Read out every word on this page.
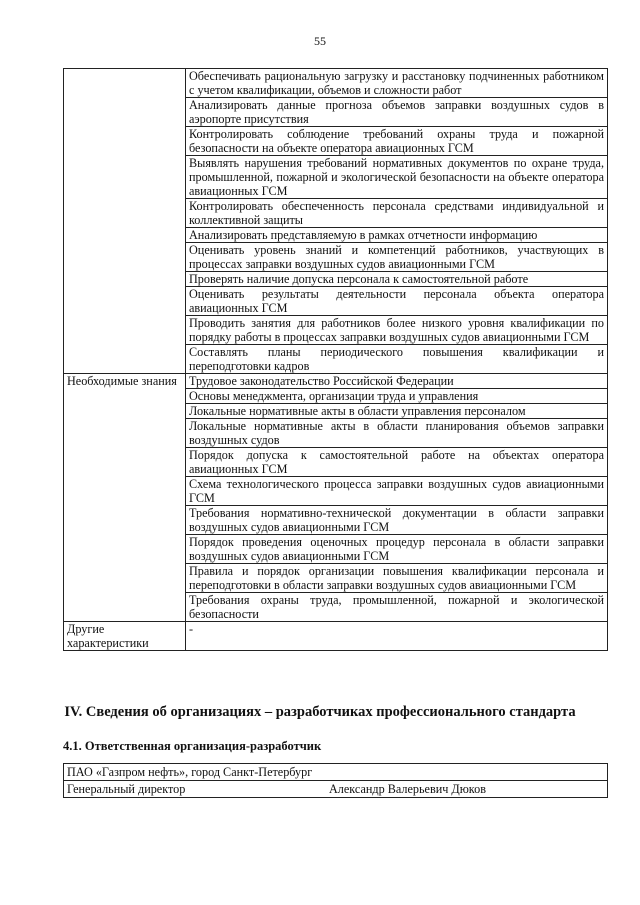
55
	Обеспечивать рациональную загрузку и расстановку подчиненных работником с учетом квалификации, объемов и сложности работ
	Анализировать данные прогноза объемов заправки воздушных судов в аэропорте присутствия
	Контролировать соблюдение требований охраны труда и пожарной безопасности на объекте оператора авиационных ГСМ
	Выявлять нарушения требований нормативных документов по охране труда, промышленной, пожарной и экологической безопасности на объекте оператора авиационных ГСМ
	Контролировать обеспеченность персонала средствами индивидуальной и коллективной защиты
	Анализировать представляемую в рамках отчетности информацию
	Оценивать уровень знаний и компетенций работников, участвующих в процессах заправки воздушных судов авиационными ГСМ
	Проверять наличие допуска персонала к самостоятельной работе
	Оценивать результаты деятельности персонала объекта оператора авиационных ГСМ
	Проводить занятия для работников более низкого уровня квалификации по порядку работы в процессах заправки воздушных судов авиационными ГСМ
	Составлять планы периодического повышения квалификации и переподготовки кадров
Необходимые знания	Трудовое законодательство Российской Федерации
	Основы менеджмента, организации труда и управления
	Локальные нормативные акты в области управления персоналом
	Локальные нормативные акты в области планирования объемов заправки воздушных судов
	Порядок допуска к самостоятельной работе на объектах оператора авиационных ГСМ
	Схема технологического процесса заправки воздушных судов авиационными ГСМ
	Требования нормативно-технической документации в области заправки воздушных судов авиационными ГСМ
	Порядок проведения оценочных процедур персонала в области заправки воздушных судов авиационными ГСМ
	Правила и порядок организации повышения квалификации персонала и переподготовки в области заправки воздушных судов авиационными ГСМ
	Требования охраны труда, промышленной, пожарной и экологической безопасности
Другие характеристики	-
IV. Сведения об организациях – разработчиках профессионального стандарта
4.1. Ответственная организация-разработчик
ПАО «Газпром нефть», город Санкт-Петербург

Генеральный директор	Александр Валерьевич Дюков
